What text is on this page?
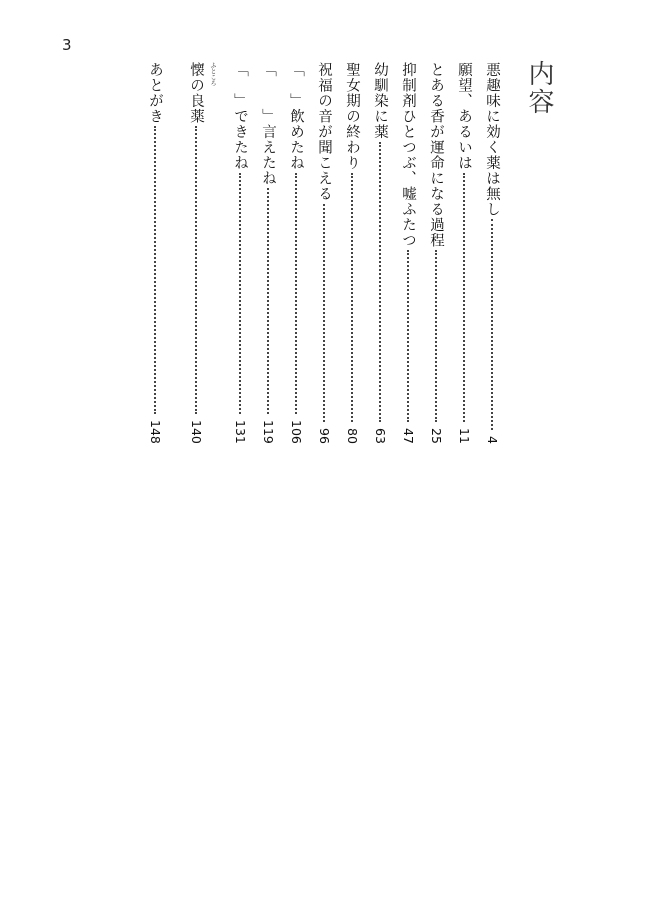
3
内容
悪趣味に効く薬は無し
4
願望、あるいは
11
とある香が運命になる過程
25
抑制剤ひとつぶ、嘘ふたつ
47
幼馴染に薬
63
聖女期の終わり
80
祝福の音が聞こえる
96
「　」飲めたね
106
「　　」言えたね
119
「　」できたね
131
懐の良薬 ふところ
140
あとがき
148
